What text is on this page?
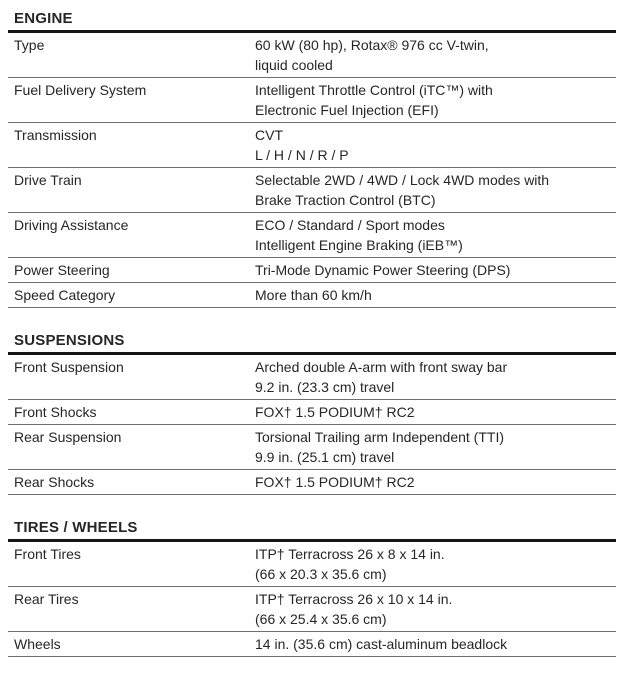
ENGINE
Type	60 kW (80 hp), Rotax® 976 cc V-twin,
liquid cooled
Fuel Delivery System	Intelligent Throttle Control (iTC™) with
Electronic Fuel Injection (EFI)
Transmission	CVT
L / H / N / R / P
Drive Train	Selectable 2WD / 4WD / Lock 4WD modes with
Brake Traction Control (BTC)
Driving Assistance	ECO / Standard / Sport modes
Intelligent Engine Braking (iEB™)
Power Steering	Tri-Mode Dynamic Power Steering (DPS)
Speed Category	More than 60 km/h
SUSPENSIONS
Front Suspension	Arched double A-arm with front sway bar
9.2 in. (23.3 cm) travel
Front Shocks	FOX† 1.5 PODIUM† RC2
Rear Suspension	Torsional Trailing arm Independent (TTI)
9.9 in. (25.1 cm) travel
Rear Shocks	FOX† 1.5 PODIUM† RC2
TIRES / WHEELS
Front Tires	ITP† Terracross 26 x 8 x 14 in.
(66 x 20.3 x 35.6 cm)
Rear Tires	ITP† Terracross 26 x 10 x 14 in.
(66 x 25.4 x 35.6 cm)
Wheels	14 in. (35.6 cm) cast-aluminum beadlock
